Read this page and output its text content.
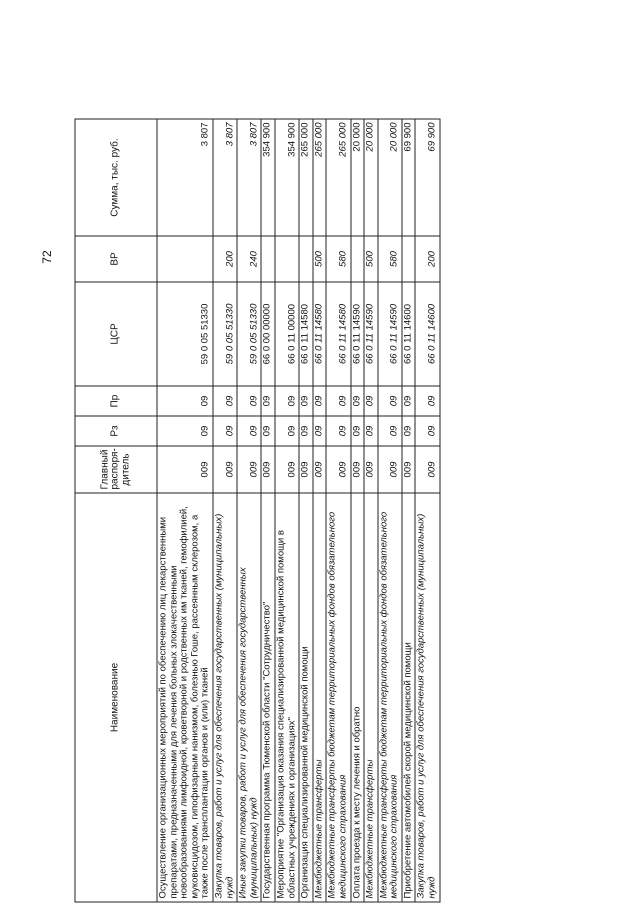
72
Наименование	Главный распоря- дитель	Рз	Пр	ЦСР	ВР	Сумма, тыс. руб.
Осуществление организационных мероприятий по обеспечению лиц лекарственными препаратами, предназначенными для лечения больных злокачественными новообразованиями лимфоидной, кроветворной и родственных им тканей, гемофилией, муковисцидозом, гипофизарным нанизмом, болезнью Гоше, рассеянным склерозом, а также после трансплантации органов и (или) тканей	009	09	09	59 0 05 51330		3 807
Закупка товаров, работ и услуг для обеспечения государственных (муниципальных) нужд	009	09	09	59 0 05 51330	200	3 807
Иные закупки товаров, работ и услуг для обеспечения государственных (муниципальных) нужд	009	09	09	59 0 05 51330	240	3 807
Государственная программа Тюменской области "Сотрудничество"	009	09	09	66 0 00 00000		354 900
Мероприятие "Организация оказания специализированной медицинской помощи в областных учреждениях и организациях"	009	09	09	66 0 11 00000		354 900
Организация специализированной медицинской помощи	009	09	09	66 0 11 14580		265 000
Межбюджетные трансферты	009	09	09	66 0 11 14580	500	265 000
Межбюджетные трансферты бюджетам территориальных фондов обязательного медицинского страхования	009	09	09	66 0 11 14580	580	265 000
Оплата проезда к месту лечения и обратно	009	09	09	66 0 11 14590		20 000
Межбюджетные трансферты	009	09	09	66 0 11 14590	500	20 000
Межбюджетные трансферты бюджетам территориальных фондов обязательного медицинского страхования	009	09	09	66 0 11 14590	580	20 000
Приобретение автомобилей скорой медицинской помощи	009	09	09	66 0 11 14600		69 900
Закупка товаров, работ и услуг для обеспечения государственных (муниципальных) нужд	009	09	09	66 0 11 14600	200	69 900
